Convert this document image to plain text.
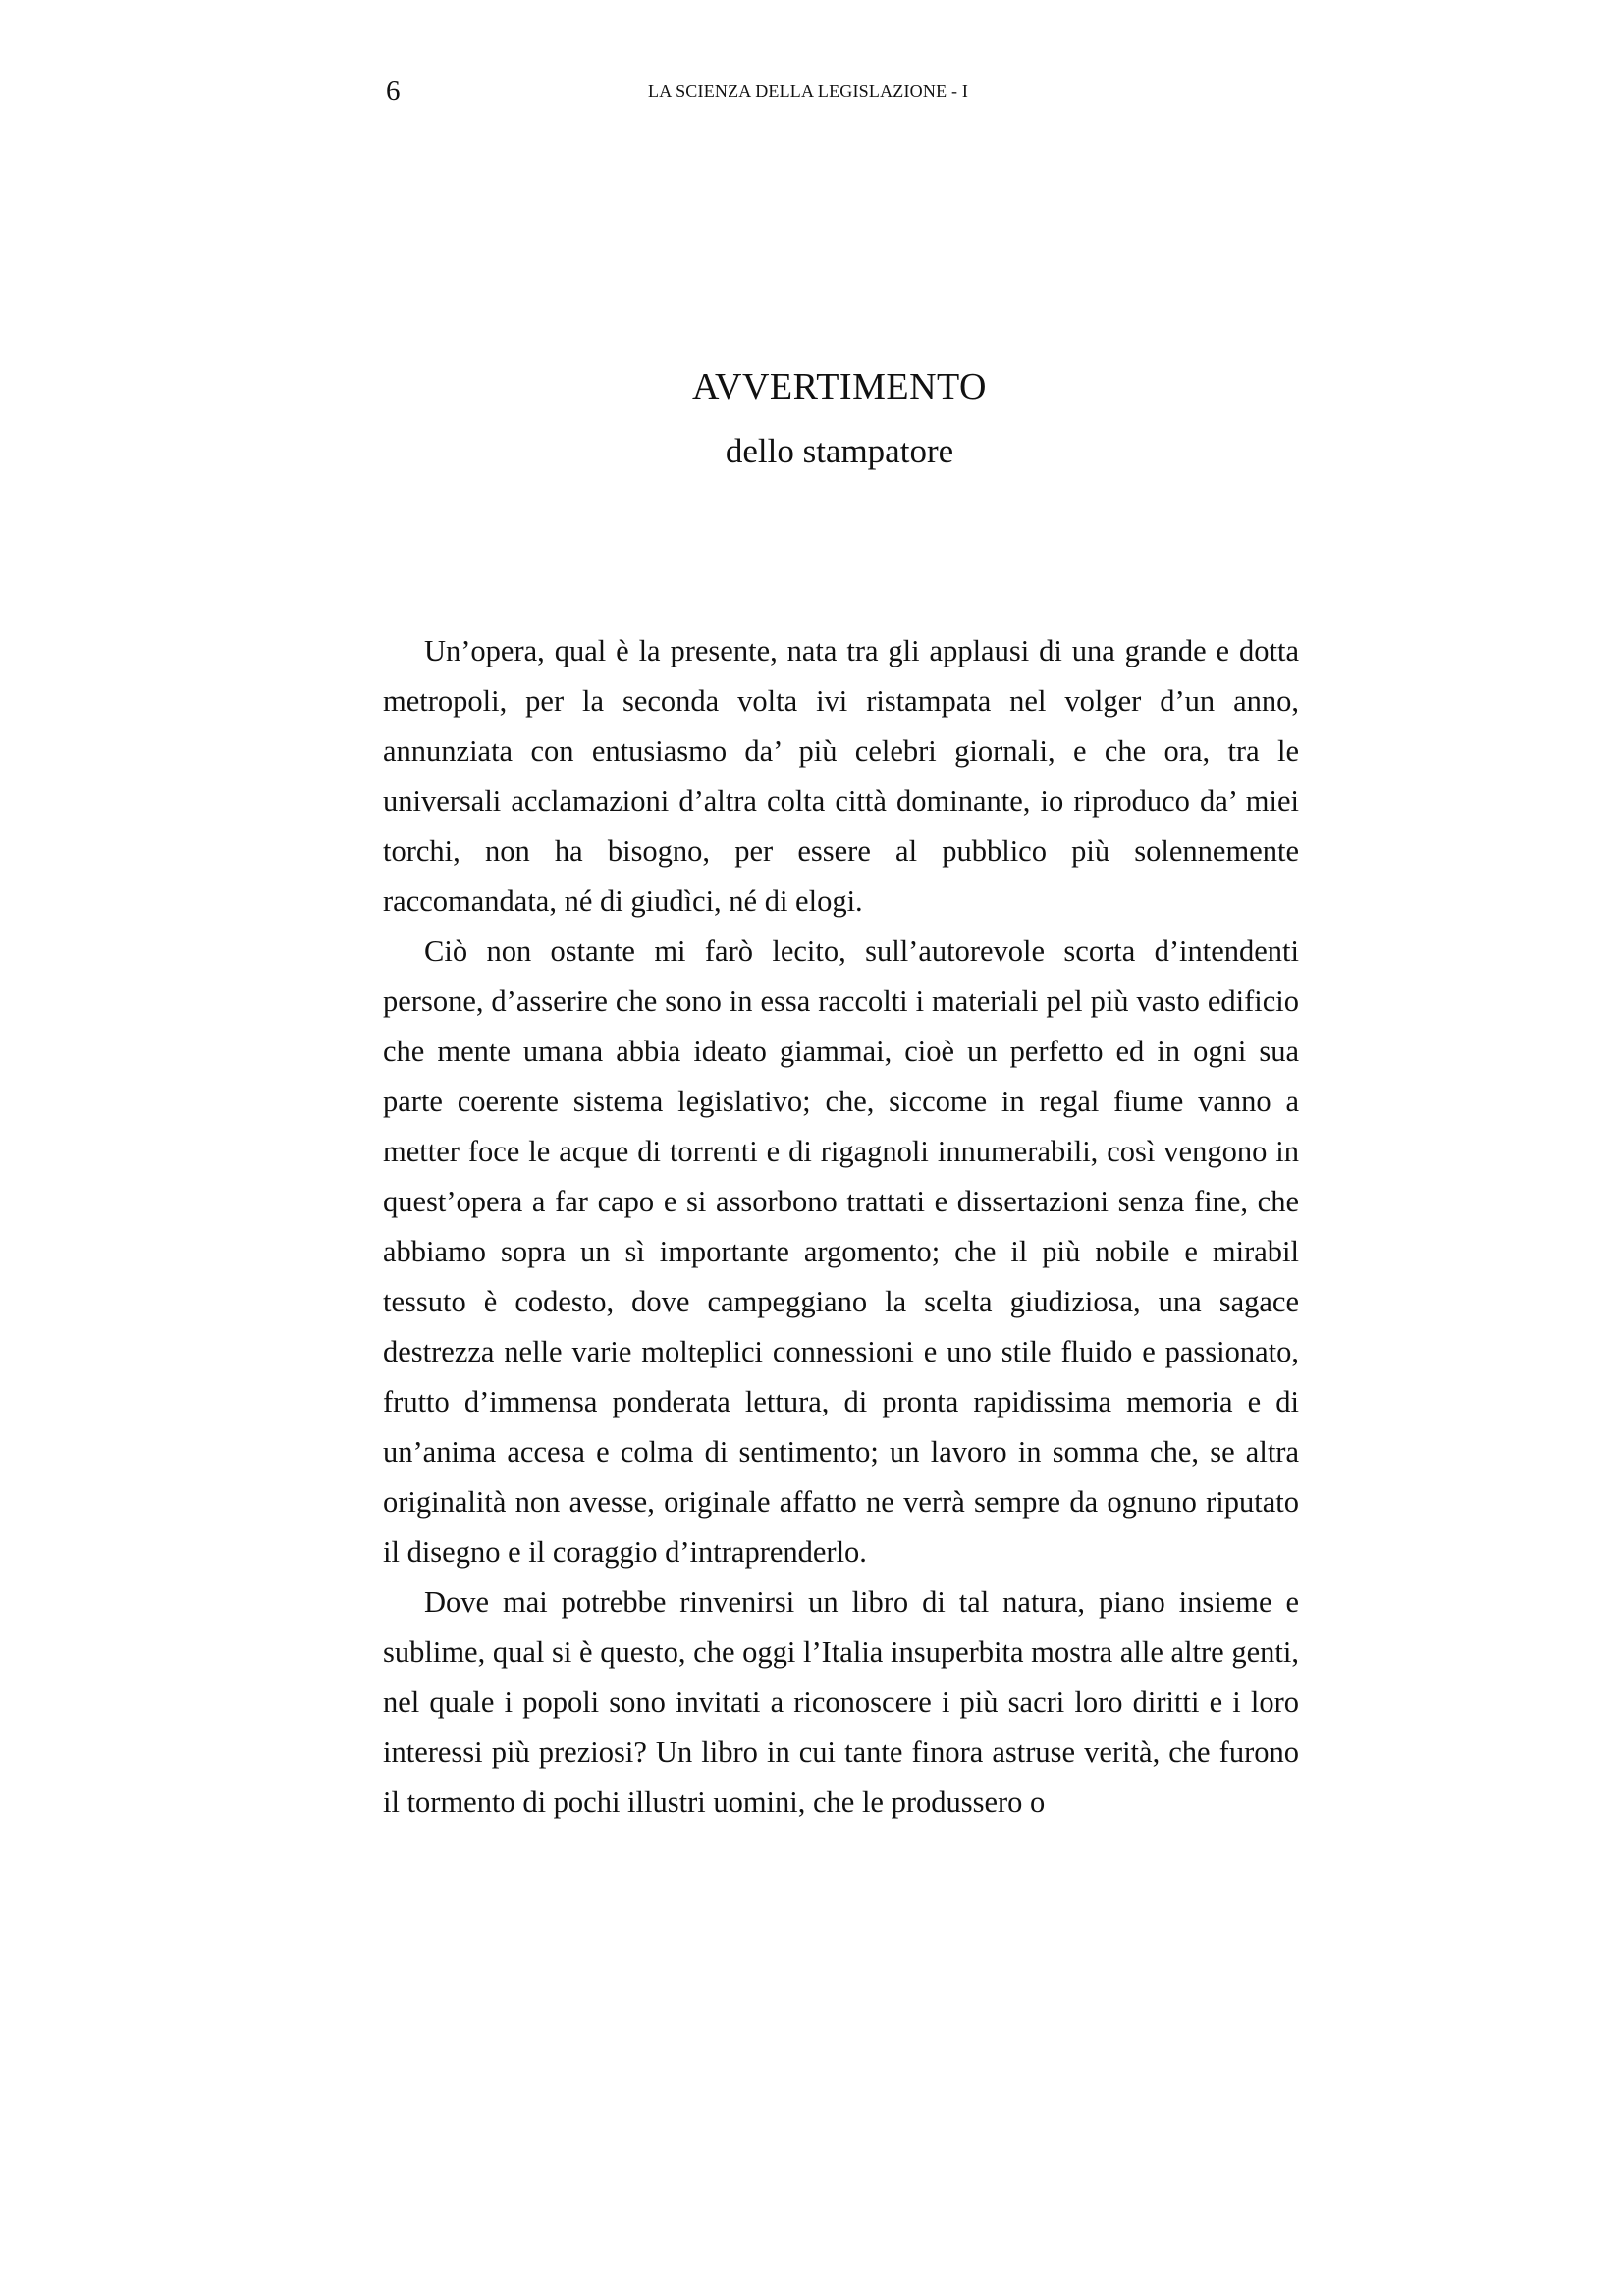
6	LA SCIENZA DELLA LEGISLAZIONE - I
AVVERTIMENTO
dello stampatore

Un’opera, qual è la presente, nata tra gli applausi di una grande e dotta metropoli, per la seconda volta ivi ristampata nel volger d’un anno, annunziata con entusiasmo da’ più celebri giornali, e che ora, tra le universali acclamazioni d’altra colta città dominante, io riproduco da’ miei torchi, non ha bisogno, per essere al pubblico più solennemente raccomandata, né di giudìci, né di elogi.

Ciò non ostante mi farò lecito, sull’autorevole scorta d’intendenti persone, d’asserire che sono in essa raccolti i materiali pel più vasto edificio che mente umana abbia ideato giammai, cioè un perfetto ed in ogni sua parte coerente sistema legislativo; che, siccome in regal fiume vanno a metter foce le acque di torrenti e di rigagnoli innumerabili, così vengono in quest’opera a far capo e si assorbono trattati e dissertazioni senza fine, che abbiamo sopra un sì importante argomento; che il più nobile e mirabil tessuto è codesto, dove campeggiano la scelta giudiziosa, una sagace destrezza nelle varie molteplici connessioni e uno stile fluido e passionato, frutto d’immensa ponderata lettura, di pronta rapidissima memoria e di un’anima accesa e colma di sentimento; un lavoro in somma che, se altra originalità non avesse, originale affatto ne verrà sempre da ognuno riputato il disegno e il coraggio d’intraprenderlo.

Dove mai potrebbe rinvenirsi un libro di tal natura, piano insieme e sublime, qual si è questo, che oggi l’Italia insuperbita mostra alle altre genti, nel quale i popoli sono invitati a riconoscere i più sacri loro diritti e i loro interessi più preziosi? Un libro in cui tante finora astruse verità, che furono il tormento di pochi illustri uomini, che le produssero o
